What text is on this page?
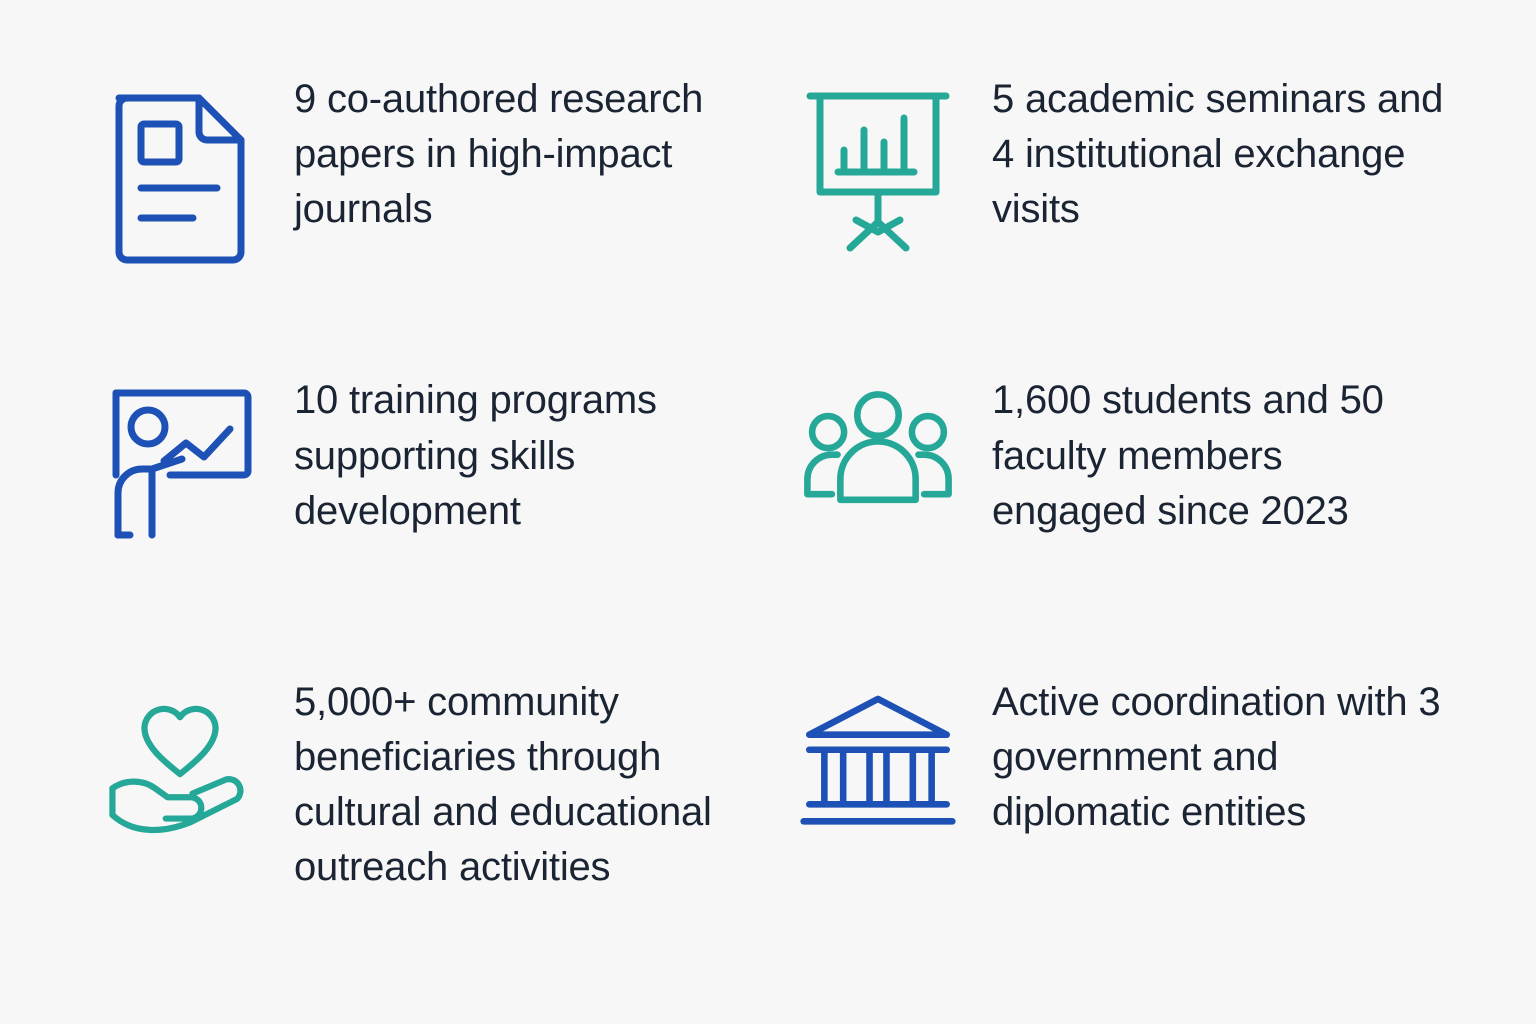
9 co-authored research papers in high-impact journals
5 academic seminars and 4 institutional exchange visits
10 training programs supporting skills development
1,600 students and 50 faculty members engaged since 2023
5,000+ community beneficiaries through cultural and educational outreach activities
Active coordination with 3 government and diplomatic entities
